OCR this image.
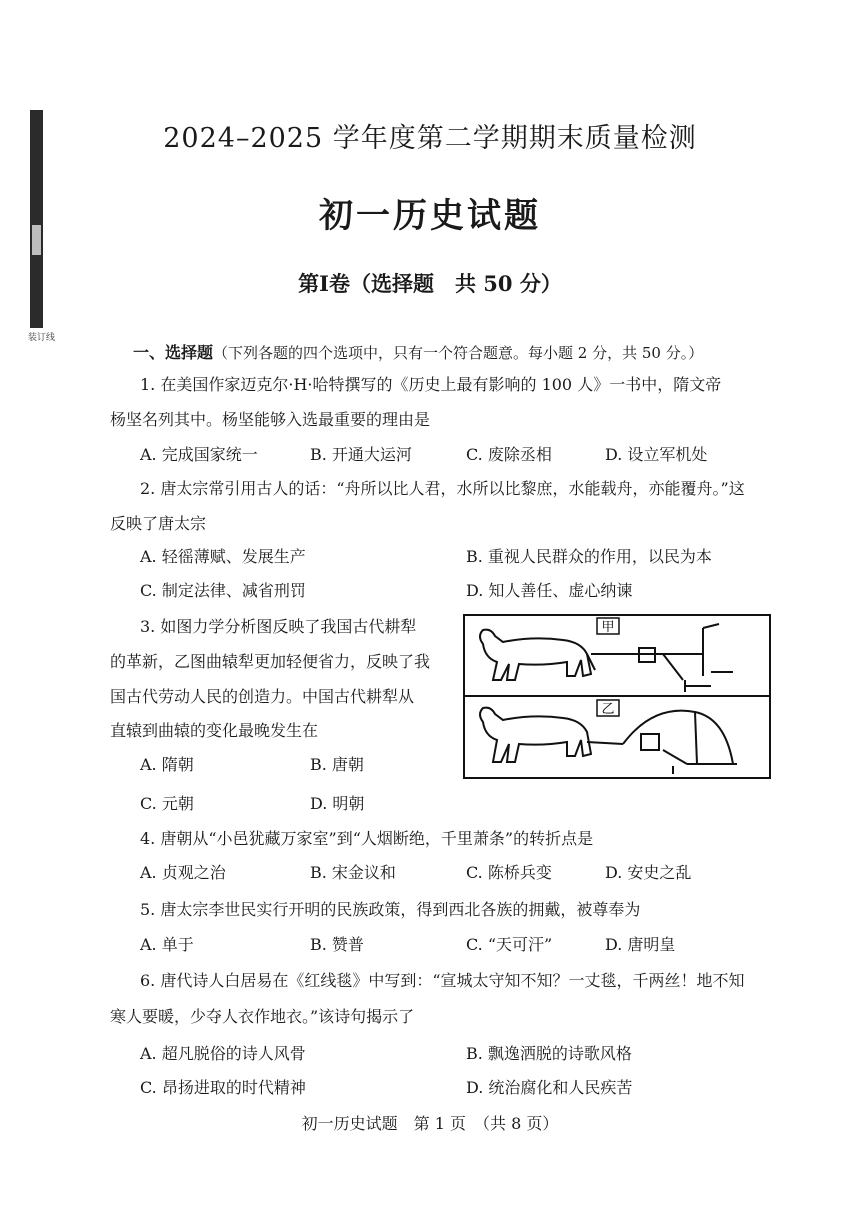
装订线
2024–2025 学年度第二学期期末质量检测
初一历史试题
第Ⅰ卷（选择题　共 50 分）
一、选择题（下列各题的四个选项中，只有一个符合题意。每小题 2 分，共 50 分。）
1. 在美国作家迈克尔·H·哈特撰写的《历史上最有影响的 100 人》一书中，隋文帝
杨坚名列其中。杨坚能够入选最重要的理由是
A. 完成国家统一	B. 开通大运河	C. 废除丞相	D. 设立军机处
2. 唐太宗常引用古人的话：“舟所以比人君，水所以比黎庶，水能载舟，亦能覆舟。”这
反映了唐太宗
A. 轻徭薄赋、发展生产	B. 重视人民群众的作用，以民为本
C. 制定法律、减省刑罚	D. 知人善任、虚心纳谏
3. 如图力学分析图反映了我国古代耕犁
的革新，乙图曲辕犁更加轻便省力，反映了我
国古代劳动人民的创造力。中国古代耕犁从
直辕到曲辕的变化最晚发生在
A. 隋朝	B. 唐朝
C. 元朝	D. 明朝
甲
乙
4. 唐朝从“小邑犹藏万家室”到“人烟断绝，千里萧条”的转折点是
A. 贞观之治	B. 宋金议和	C. 陈桥兵变	D. 安史之乱
5. 唐太宗李世民实行开明的民族政策，得到西北各族的拥戴，被尊奉为
A. 单于	B. 赞普	C. “天可汗”	D. 唐明皇
6. 唐代诗人白居易在《红线毯》中写到：“宣城太守知不知？一丈毯，千两丝！地不知
寒人要暖，少夺人衣作地衣。”该诗句揭示了
A. 超凡脱俗的诗人风骨	B. 飘逸洒脱的诗歌风格
C. 昂扬进取的时代精神	D. 统治腐化和人民疾苦
初一历史试题　第 1 页　（共 8 页）
